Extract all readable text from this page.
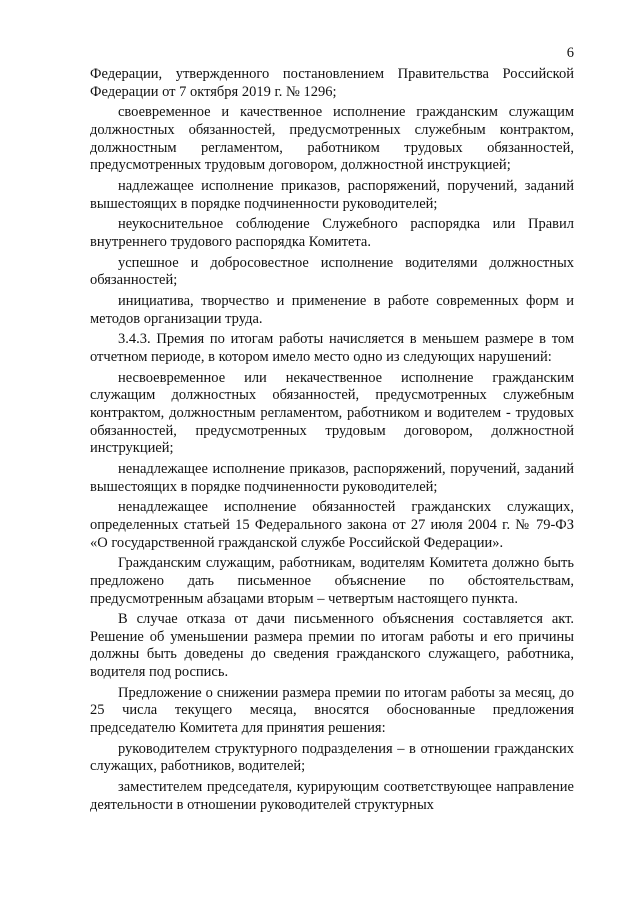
6

Федерации, утвержденного постановлением Правительства Российской Федерации от 7 октября 2019 г. № 1296;

своевременное и качественное исполнение гражданским служащим должностных обязанностей, предусмотренных служебным контрактом, должностным регламентом, работником трудовых обязанностей, предусмотренных трудовым договором, должностной инструкцией;

надлежащее исполнение приказов, распоряжений, поручений, заданий вышестоящих в порядке подчиненности руководителей;

неукоснительное соблюдение Служебного распорядка или Правил внутреннего трудового распорядка Комитета.

успешное и добросовестное исполнение водителями должностных обязанностей;

инициатива, творчество и применение в работе современных форм и методов организации труда.

3.4.3. Премия по итогам работы начисляется в меньшем размере в том отчетном периоде, в котором имело место одно из следующих нарушений:

несвоевременное или некачественное исполнение гражданским служащим должностных обязанностей, предусмотренных служебным контрактом, должностным регламентом, работником и водителем - трудовых обязанностей, предусмотренных трудовым договором, должностной инструкцией;

ненадлежащее исполнение приказов, распоряжений, поручений, заданий вышестоящих в порядке подчиненности руководителей;

ненадлежащее исполнение обязанностей гражданских служащих, определенных статьей 15 Федерального закона от 27 июля 2004 г. № 79-ФЗ «О государственной гражданской службе Российской Федерации».

Гражданским служащим, работникам, водителям Комитета должно быть предложено дать письменное объяснение по обстоятельствам, предусмотренным абзацами вторым – четвертым настоящего пункта.

В случае отказа от дачи письменного объяснения составляется акт. Решение об уменьшении размера премии по итогам работы и его причины должны быть доведены до сведения гражданского служащего, работника, водителя под роспись.

Предложение о снижении размера премии по итогам работы за месяц, до 25 числа текущего месяца, вносятся обоснованные предложения председателю Комитета для принятия решения:

руководителем структурного подразделения – в отношении гражданских служащих, работников, водителей;

заместителем председателя, курирующим соответствующее направление деятельности в отношении руководителей структурных
